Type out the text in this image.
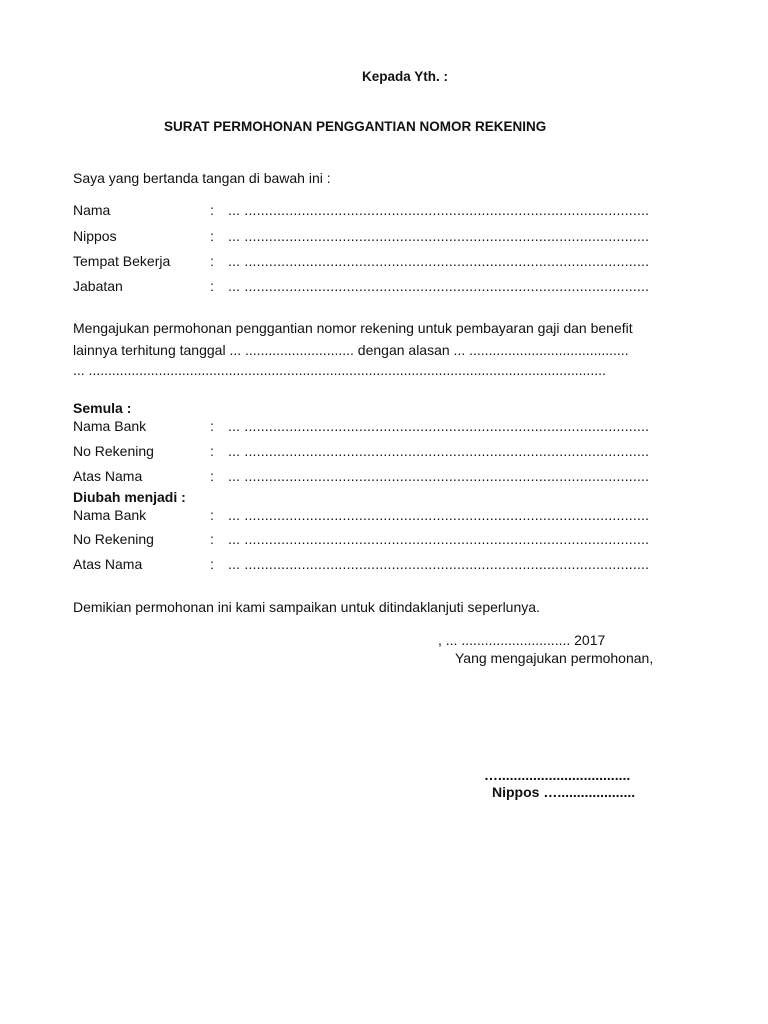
Kepada Yth. :
SURAT PERMOHONAN PENGGANTIAN NOMOR REKENING
Saya yang bertanda tangan di bawah ini :
Nama	: ... ...................................................................................................
Nippos	: ... ...................................................................................................
Tempat Bekerja	: ... ...................................................................................................
Jabatan	: ... ...................................................................................................
Mengajukan permohonan penggantian nomor rekening untuk pembayaran gaji dan benefit
lainnya terhitung tanggal ... ............................ dengan alasan ... .........................................
... .....................................................................................................................................
Semula :
Nama Bank	: ... ...................................................................................................
No Rekening	: ... ...................................................................................................
Atas Nama	: ... ...................................................................................................
Diubah menjadi :
Nama Bank	: ... ...................................................................................................
No Rekening	: ... ...................................................................................................
Atas Nama	: ... ...................................................................................................
Demikian permohonan ini kami sampaikan untuk ditindaklanjuti seperlunya.
, ... ............................ 2017
Yang mengajukan permohonan,
…..................................
Nippos …....................
